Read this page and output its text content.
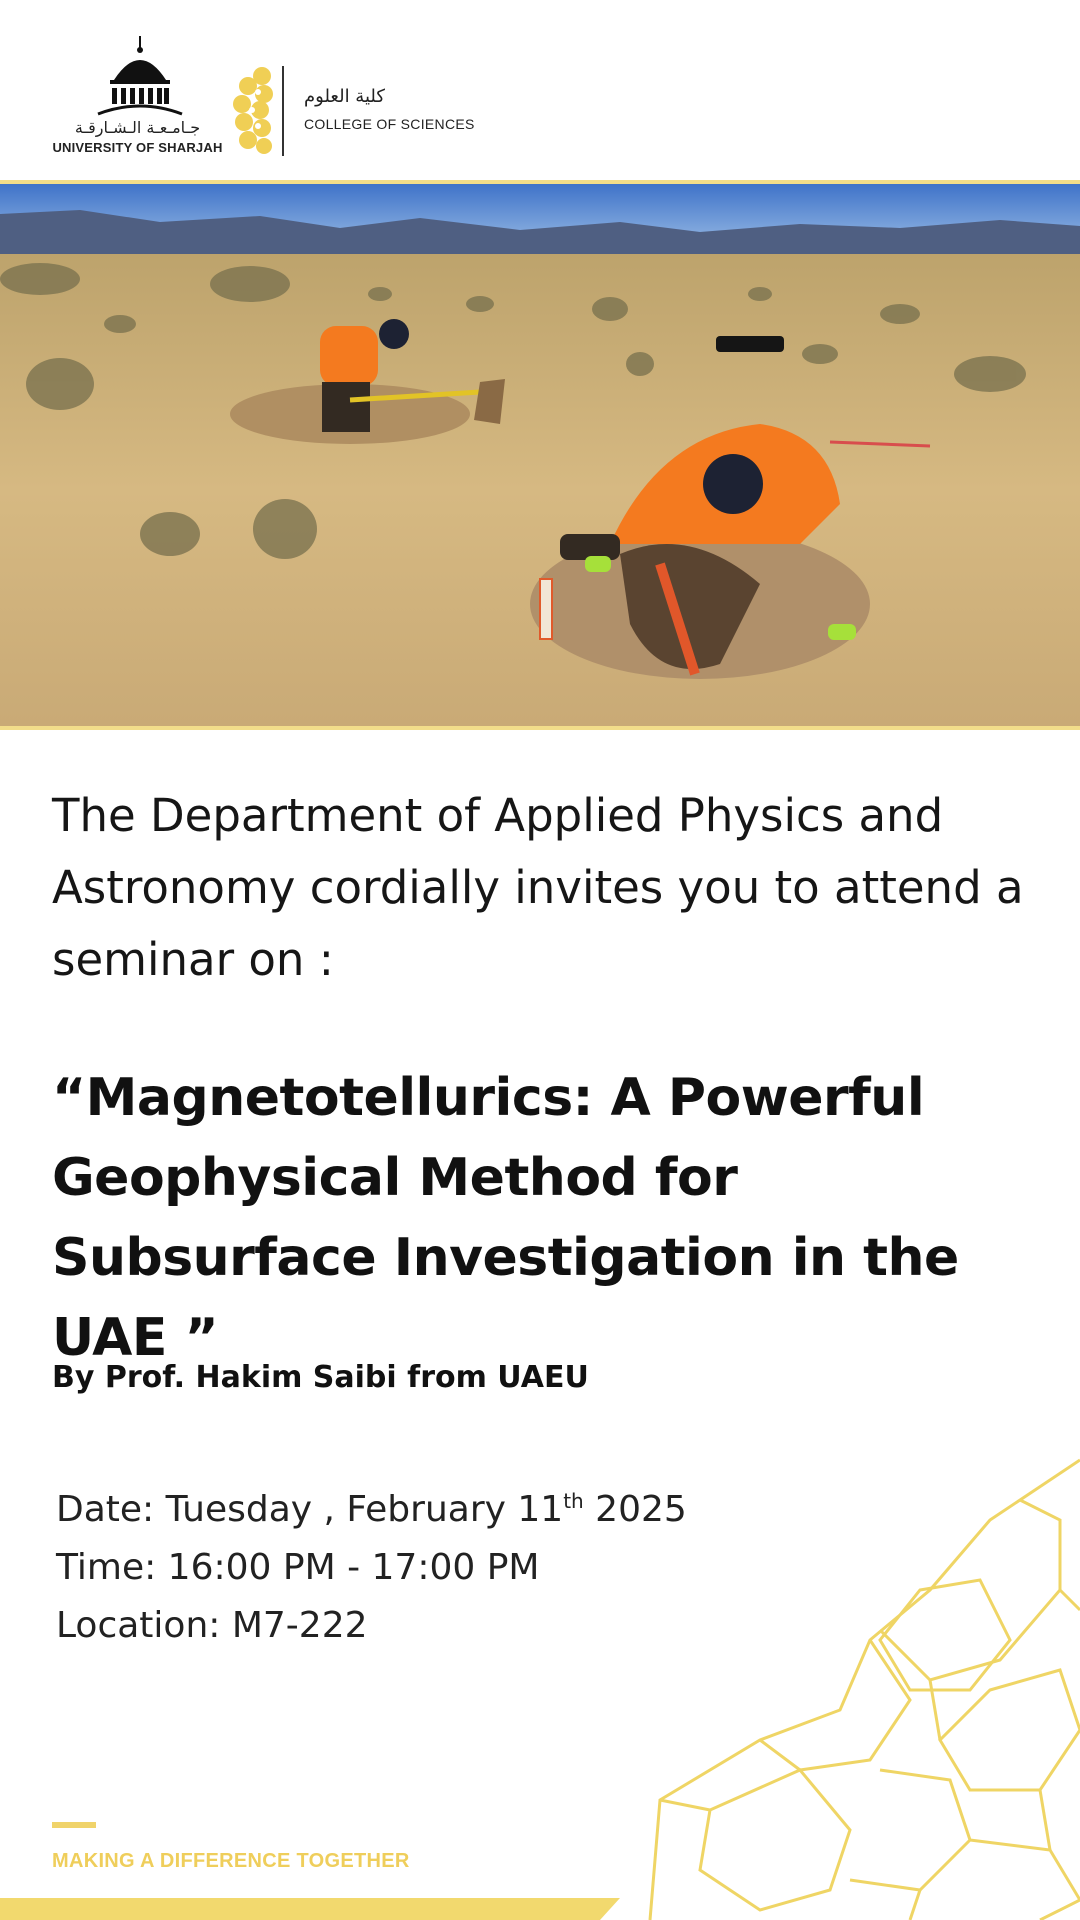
جـامـعـة الـشـارقـة
UNIVERSITY OF SHARJAH
كلية العلوم
COLLEGE OF SCIENCES
The Department of Applied Physics and Astronomy cordially invites you to attend a seminar on :
“Magnetotellurics: A Powerful Geophysical Method for Subsurface Investigation in the UAE ”
By Prof. Hakim Saibi from UAEU
Date: Tuesday , February 11th 2025
Time: 16:00 PM - 17:00 PM
Location: M7-222
MAKING A DIFFERENCE TOGETHER
